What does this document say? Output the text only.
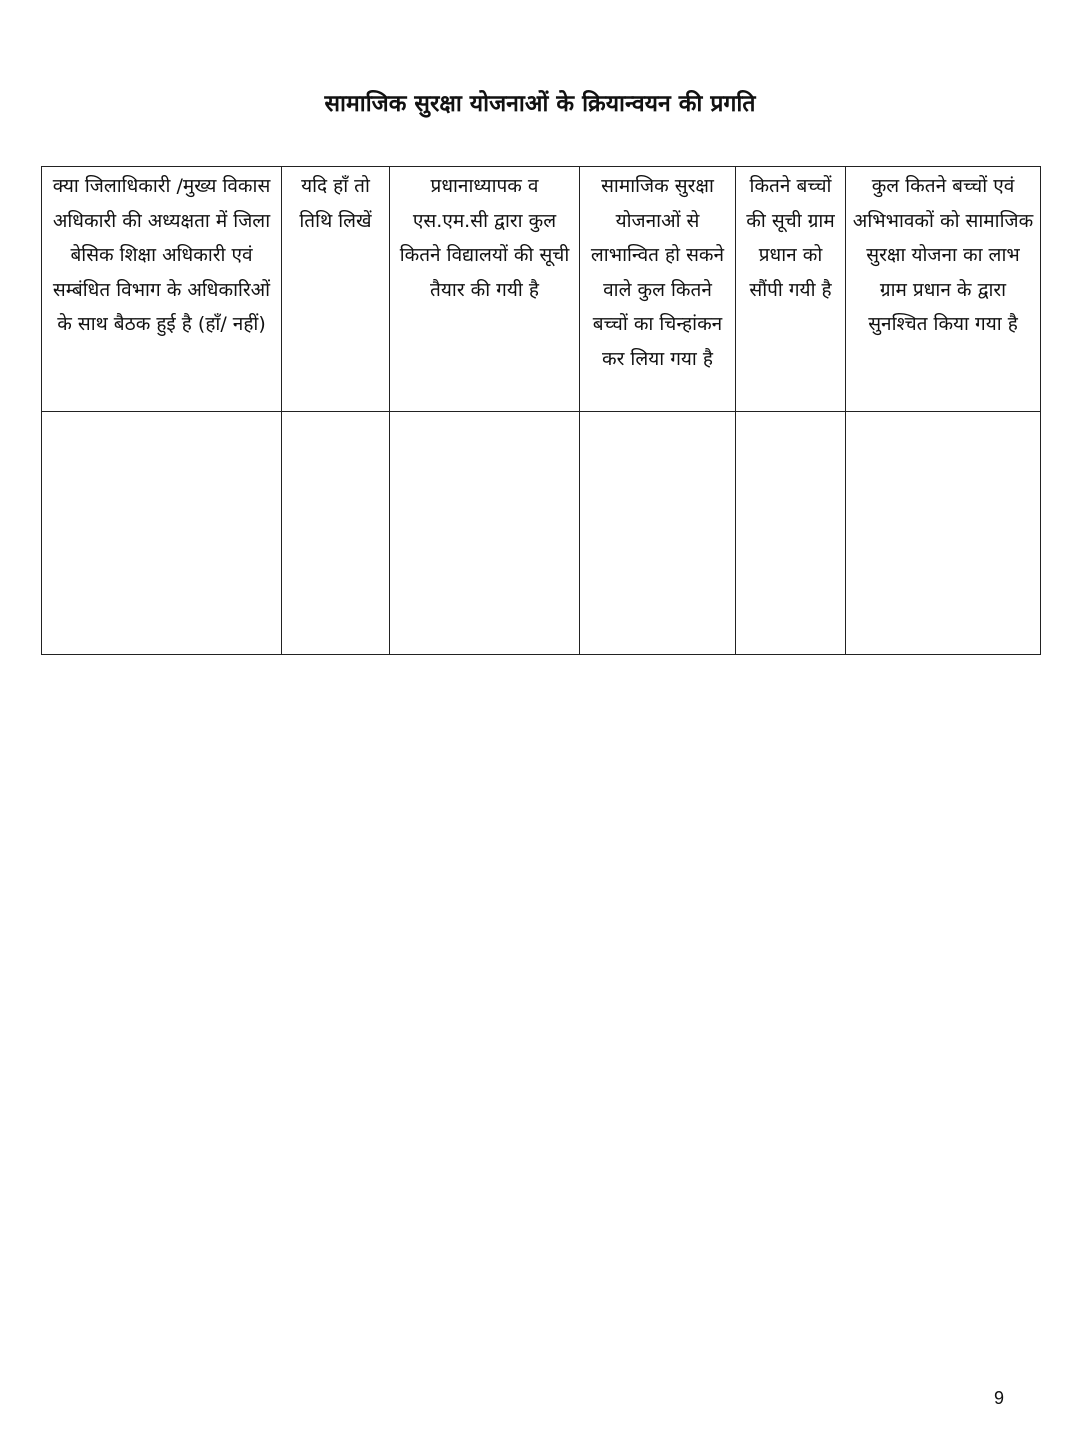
सामाजिक सुरक्षा योजनाओं के क्रियान्वयन की प्रगति
क्या जिलाधिकारी /मुख्य विकास अधिकारी की अध्यक्षता में जिला बेसिक शिक्षा अधिकारी एवं सम्बंधित विभाग के अधिकारिओं के साथ बैठक हुई है (हाँ/ नहीं)	यदि हाँ तो तिथि लिखें	प्रधानाध्यापक व एस.एम.सी द्वारा कुल कितने विद्यालयों की सूची तैयार की गयी है	सामाजिक सुरक्षा योजनाओं से लाभान्वित हो सकने वाले कुल कितने बच्चों का चिन्हांकन कर लिया गया है	कितने बच्चों की सूची ग्राम प्रधान को सौंपी गयी है	कुल कितने बच्चों एवं अभिभावकों को सामाजिक सुरक्षा योजना का लाभ ग्राम प्रधान के द्वारा सुनश्चित किया गया है

9
